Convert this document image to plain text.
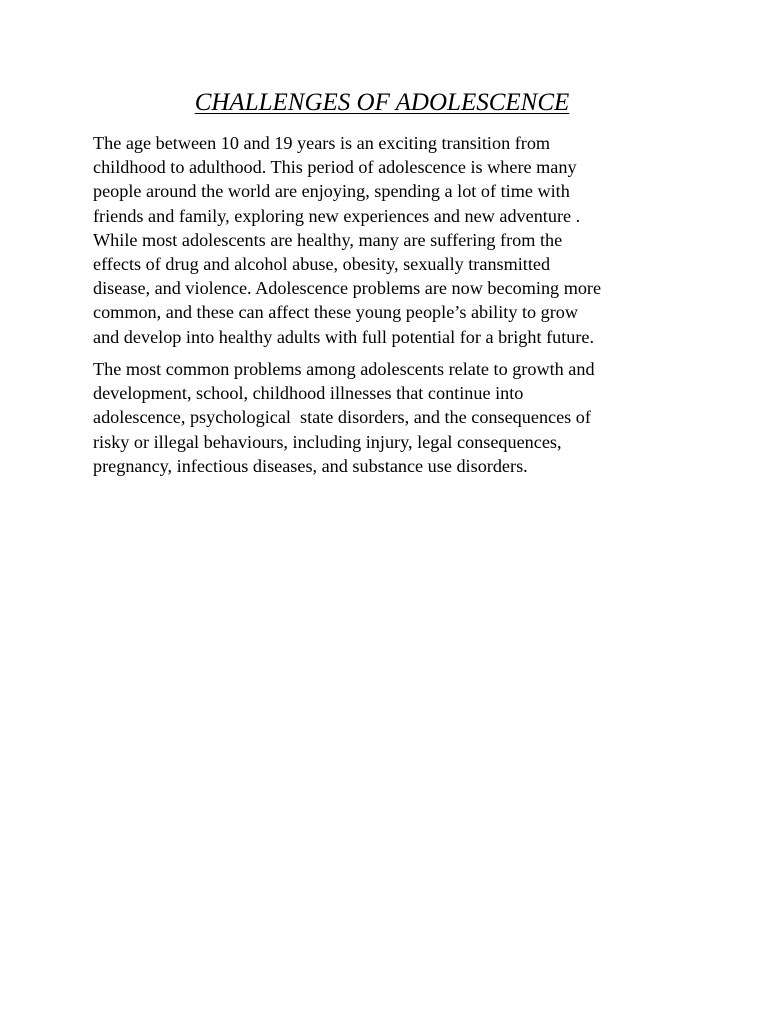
CHALLENGES OF ADOLESCENCE

The age between 10 and 19 years is an exciting transition from
childhood to adulthood. This period of adolescence is where many
people around the world are enjoying, spending a lot of time with
friends and family, exploring new experiences and new adventure .
While most adolescents are healthy, many are suffering from the
effects of drug and alcohol abuse, obesity, sexually transmitted
disease, and violence. Adolescence problems are now becoming more
common, and these can affect these young people’s ability to grow
and develop into healthy adults with full potential for a bright future.

The most common problems among adolescents relate to growth and
development, school, childhood illnesses that continue into
adolescence, psychological  state disorders, and the consequences of
risky or illegal behaviours, including injury, legal consequences,
pregnancy, infectious diseases, and substance use disorders.
